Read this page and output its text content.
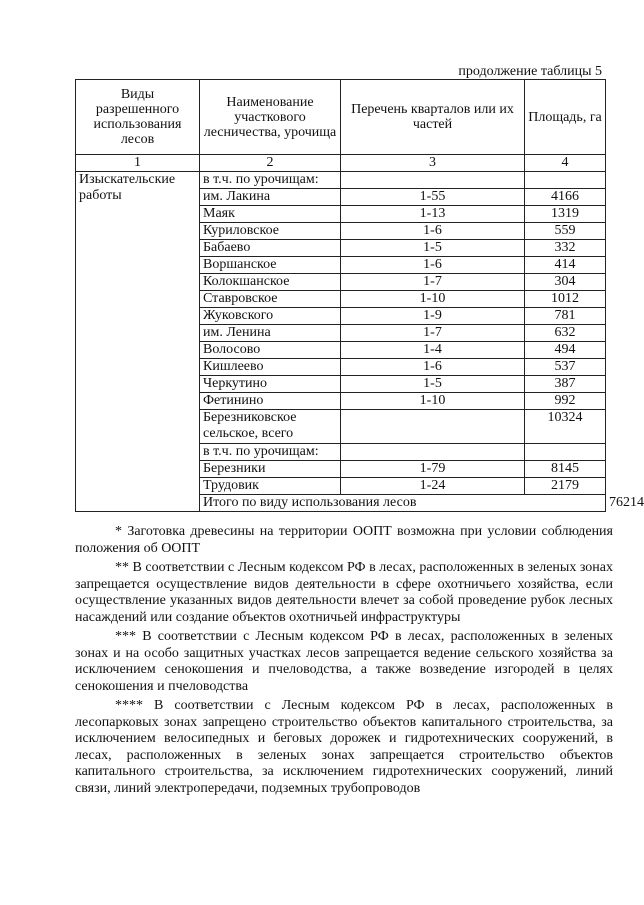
продолжение таблицы 5
Виды разрешенного использования лесов	Наименование участкового лесничества, урочища	Перечень кварталов или их частей	Площадь, га	
1	2	3	4	
Изыскательские работы	в т.ч. по урочищам:			
	им. Лакина	1-55	4166	
	Маяк	1-13	1319	
	Куриловское	1-6	559	
	Бабаево	1-5	332	
	Воршанское	1-6	414	
	Колокшанское	1-7	304	
	Ставровское	1-10	1012	
	Жуковского	1-9	781	
	им. Ленина	1-7	632	
	Волосово	1-4	494	
	Кишлеево	1-6	537	
	Черкутино	1-5	387	
	Фетинино	1-10	992	
	Березниковское сельское, всего		10324	
	в т.ч. по урочищам:			
	Березники	1-79	8145	
	Трудовик	1-24	2179	
	Итого по виду использования лесов			76214

* Заготовка древесины на территории ООПТ возможна при условии соблюдения положения об ООПТ

** В соответствии с Лесным кодексом РФ в лесах, расположенных в зеленых зонах запрещается осуществление видов деятельности в сфере охотничьего хозяйства, если осуществление указанных видов деятельности влечет за собой проведение рубок лесных насаждений или создание объектов охотничьей инфраструктуры

*** В соответствии с Лесным кодексом РФ в лесах, расположенных в зеленых зонах и на особо защитных участках лесов запрещается ведение сельского хозяйства за исключением сенокошения и пчеловодства, а также возведение изгородей в целях сенокошения и пчеловодства

**** В соответствии с Лесным кодексом РФ в лесах, расположенных в лесопарковых зонах запрещено строительство объектов капитального строительства, за исключением велосипедных и беговых дорожек и гидротехнических сооружений, в лесах, расположенных в зеленых зонах запрещается строительство объектов капитального строительства, за исключением гидротехнических сооружений, линий связи, линий электропередачи, подземных трубопроводов
